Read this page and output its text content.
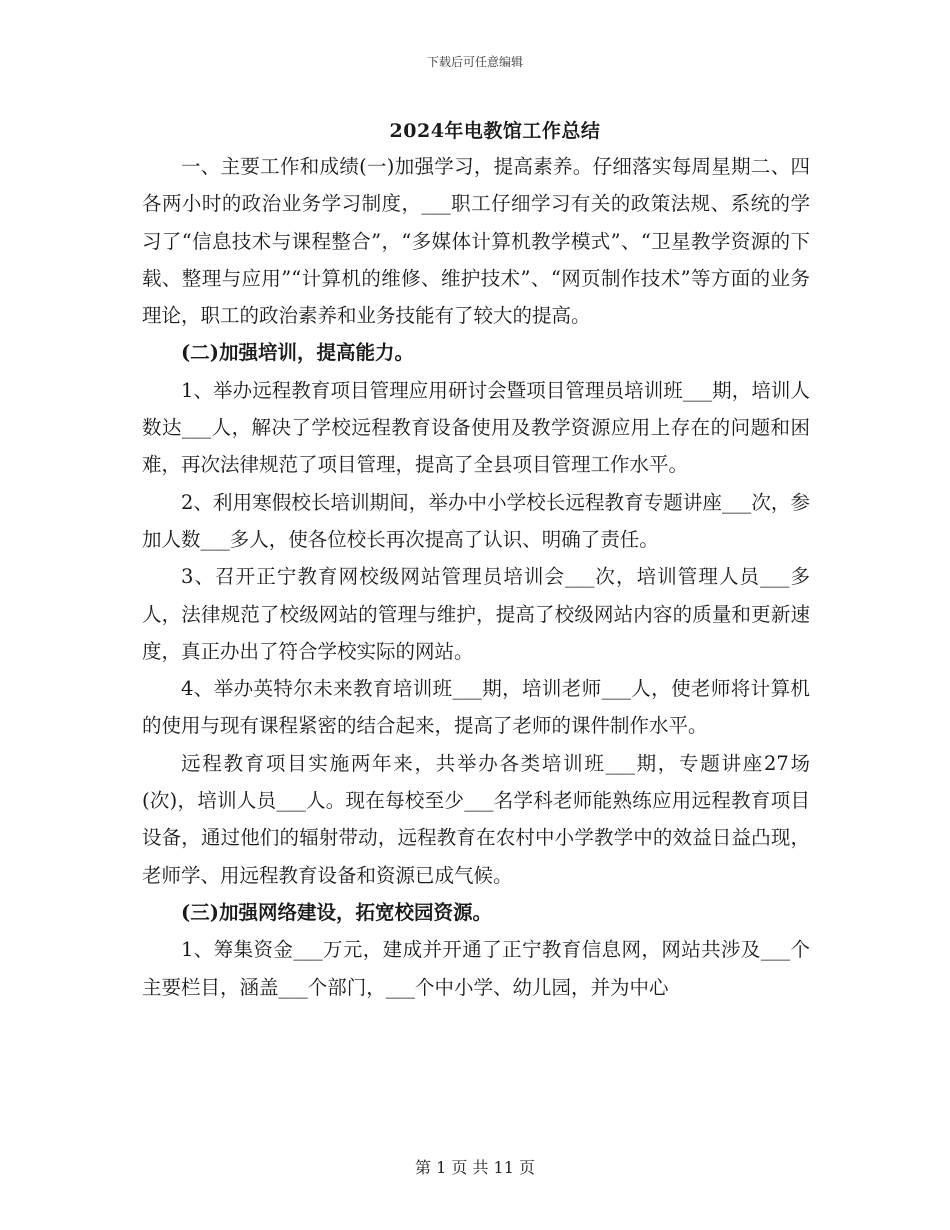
下载后可任意编辑
2024年电教馆工作总结

一、主要工作和成绩(一)加强学习，提高素养。仔细落实每周星期二、四各两小时的政治业务学习制度，___职工仔细学习有关的政策法规、系统的学习了“信息技术与课程整合”，“多媒体计算机教学模式”、“卫星教学资源的下载、整理与应用”“计算机的维修、维护技术”、“网页制作技术”等方面的业务理论，职工的政治素养和业务技能有了较大的提高。

(二)加强培训，提高能力。

1、举办远程教育项目管理应用研讨会暨项目管理员培训班___期，培训人数达___人，解决了学校远程教育设备使用及教学资源应用上存在的问题和困难，再次法律规范了项目管理，提高了全县项目管理工作水平。

2、利用寒假校长培训期间，举办中小学校长远程教育专题讲座___次，参加人数___多人，使各位校长再次提高了认识、明确了责任。

3、召开正宁教育网校级网站管理员培训会___次，培训管理人员___多人，法律规范了校级网站的管理与维护，提高了校级网站内容的质量和更新速度，真正办出了符合学校实际的网站。

4、举办英特尔未来教育培训班___期，培训老师___人，使老师将计算机的使用与现有课程紧密的结合起来，提高了老师的课件制作水平。

远程教育项目实施两年来，共举办各类培训班___期，专题讲座27场(次)，培训人员___人。现在每校至少___名学科老师能熟练应用远程教育项目设备，通过他们的辐射带动，远程教育在农村中小学教学中的效益日益凸现，老师学、用远程教育设备和资源已成气候。

(三)加强网络建设，拓宽校园资源。

1、筹集资金___万元，建成并开通了正宁教育信息网，网站共涉及___个主要栏目，涵盖___个部门，___个中小学、幼儿园，并为中心

第 1 页 共 11 页
